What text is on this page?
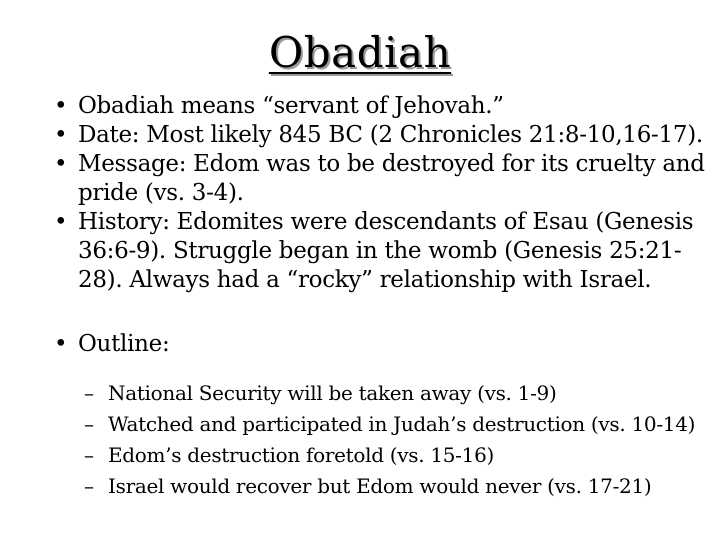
Obadiah
• Obadiah means “servant of Jehovah.”
• Date: Most likely 845 BC (2 Chronicles 21:8-10,16-17).
• Message: Edom was to be destroyed for its cruelty and pride (vs. 3-4).
• History: Edomites were descendants of Esau (Genesis 36:6-9). Struggle began in the womb (Genesis 25:21-28). Always had a “rocky” relationship with Israel.
• Outline:
– National Security will be taken away (vs. 1-9)
– Watched and participated in Judah’s destruction (vs. 10-14)
– Edom’s destruction foretold (vs. 15-16)
– Israel would recover but Edom would never (vs. 17-21)
